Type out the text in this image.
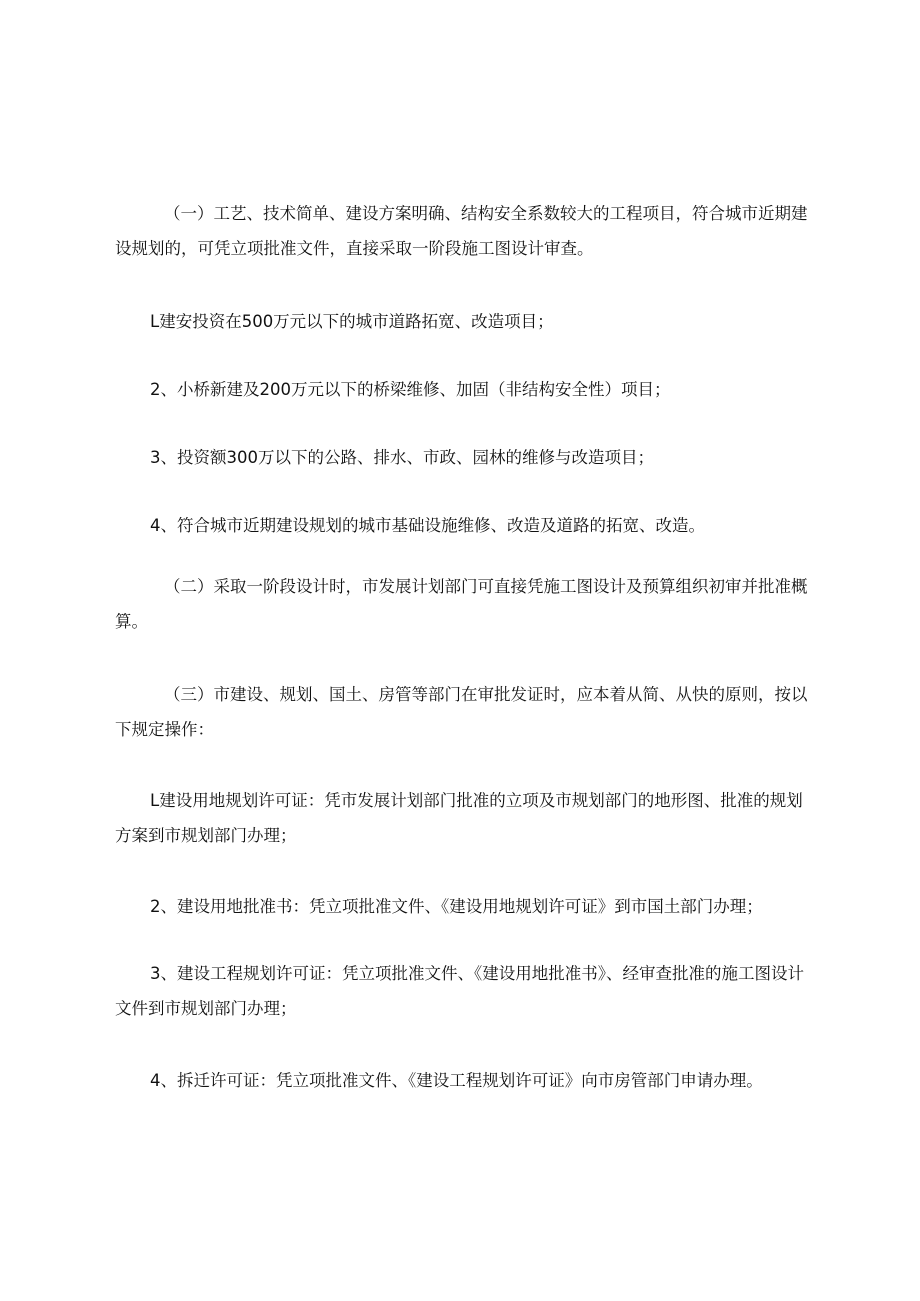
（一）工艺、技术简单、建设方案明确、结构安全系数较大的工程项目，符合城市近期建设规划的，可凭立项批准文件，直接采取一阶段施工图设计审查。

L建安投资在500万元以下的城市道路拓宽、改造项目；

2、小桥新建及200万元以下的桥梁维修、加固（非结构安全性）项目；

3、投资额300万以下的公路、排水、市政、园林的维修与改造项目；

4、符合城市近期建设规划的城市基础设施维修、改造及道路的拓宽、改造。

（二）采取一阶段设计时，市发展计划部门可直接凭施工图设计及预算组织初审并批准概算。

（三）市建设、规划、国土、房管等部门在审批发证时，应本着从简、从快的原则，按以下规定操作：

L建设用地规划许可证：凭市发展计划部门批准的立项及市规划部门的地形图、批准的规划方案到市规划部门办理；

2、建设用地批准书：凭立项批准文件、《建设用地规划许可证》到市国土部门办理；

3、建设工程规划许可证：凭立项批准文件、《建设用地批准书》、经审查批准的施工图设计文件到市规划部门办理；

4、拆迁许可证：凭立项批准文件、《建设工程规划许可证》向市房管部门申请办理。
